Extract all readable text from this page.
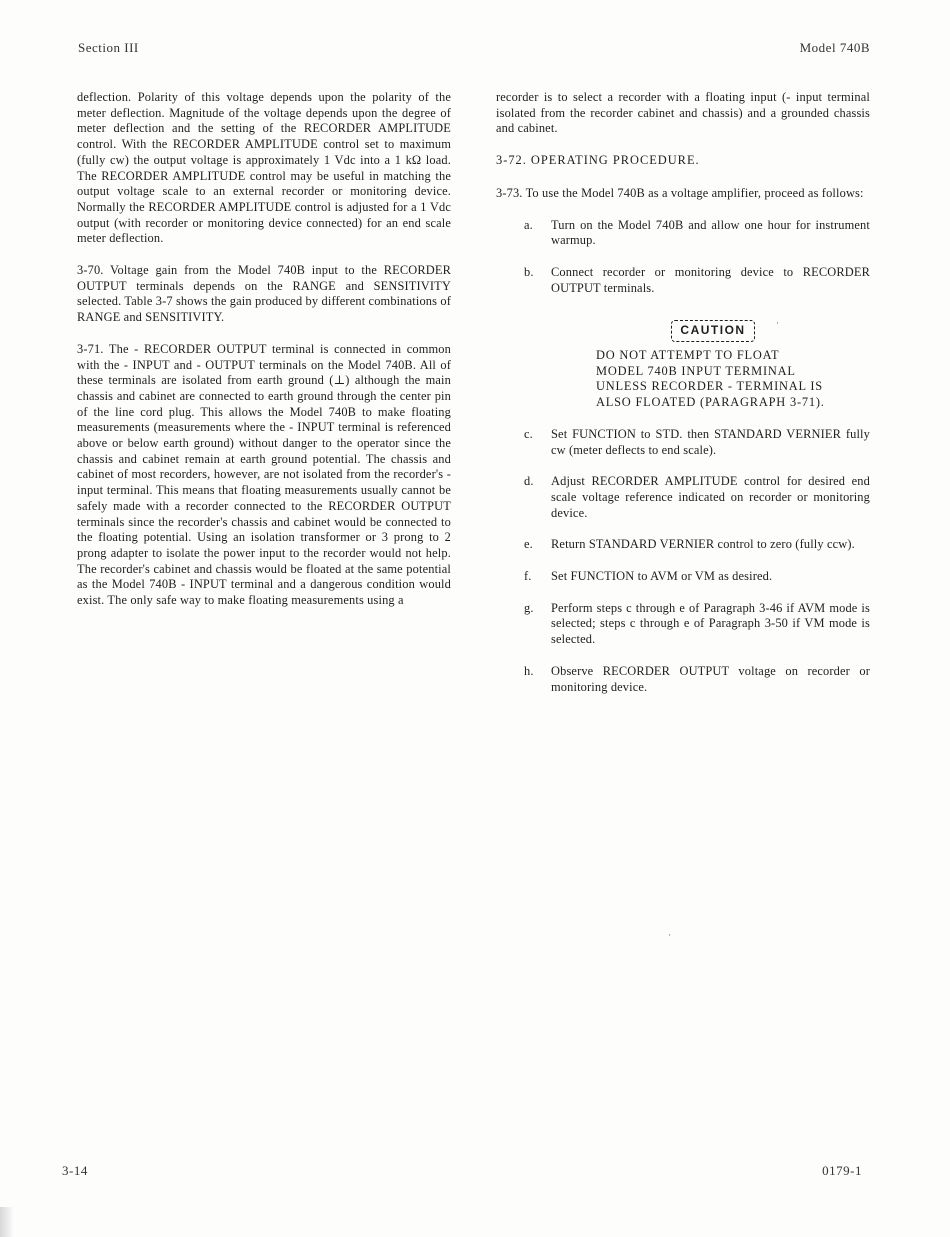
Section III	Model 740B

deflection. Polarity of this voltage depends upon the polarity of the meter deflection. Magnitude of the voltage depends upon the degree of meter deflection and the setting of the RECORDER AMPLITUDE control. With the RECORDER AMPLITUDE control set to maximum (fully cw) the output voltage is approximately 1 Vdc into a 1 kΩ load. The RECORDER AMPLITUDE control may be useful in matching the output voltage scale to an external recorder or monitoring device. Normally the RECORDER AMPLITUDE control is adjusted for a 1 Vdc output (with recorder or monitoring device connected) for an end scale meter deflection.

3-70. Voltage gain from the Model 740B input to the RECORDER OUTPUT terminals depends on the RANGE and SENSITIVITY selected. Table 3-7 shows the gain produced by different combinations of RANGE and SENSITIVITY.

3-71. The - RECORDER OUTPUT terminal is connected in common with the - INPUT and - OUTPUT terminals on the Model 740B. All of these terminals are isolated from earth ground (⊥) although the main chassis and cabinet are connected to earth ground through the center pin of the line cord plug. This allows the Model 740B to make floating measurements (measurements where the - INPUT terminal is referenced above or below earth ground) without danger to the operator since the chassis and cabinet remain at earth ground potential. The chassis and cabinet of most recorders, however, are not isolated from the recorder's - input terminal. This means that floating measurements usually cannot be safely made with a recorder connected to the RECORDER OUTPUT terminals since the recorder's chassis and cabinet would be connected to the floating potential. Using an isolation transformer or 3 prong to 2 prong adapter to isolate the power input to the recorder would not help. The recorder's cabinet and chassis would be floated at the same potential as the Model 740B - INPUT terminal and a dangerous condition would exist. The only safe way to make floating measurements using a

recorder is to select a recorder with a floating input (- input terminal isolated from the recorder cabinet and chassis) and a grounded chassis and cabinet.

3-72. OPERATING PROCEDURE.

3-73. To use the Model 740B as a voltage amplifier, proceed as follows:

a. Turn on the Model 740B and allow one hour for instrument warmup.
b. Connect recorder or monitoring device to RECORDER OUTPUT terminals.
CAUTION
DO NOT ATTEMPT TO FLOAT MODEL 740B INPUT TERMINAL UNLESS RECORDER - TERMINAL IS ALSO FLOATED (PARAGRAPH 3-71).
c. Set FUNCTION to STD. then STANDARD VERNIER fully cw (meter deflects to end scale).
d. Adjust RECORDER AMPLITUDE control for desired end scale voltage reference indicated on recorder or monitoring device.
e. Return STANDARD VERNIER control to zero (fully ccw).
f. Set FUNCTION to AVM or VM as desired.
g. Perform steps c through e of Paragraph 3-46 if AVM mode is selected; steps c through e of Paragraph 3-50 if VM mode is selected.
h. Observe RECORDER OUTPUT voltage on recorder or monitoring device.
·
·
3-14	0179-1
